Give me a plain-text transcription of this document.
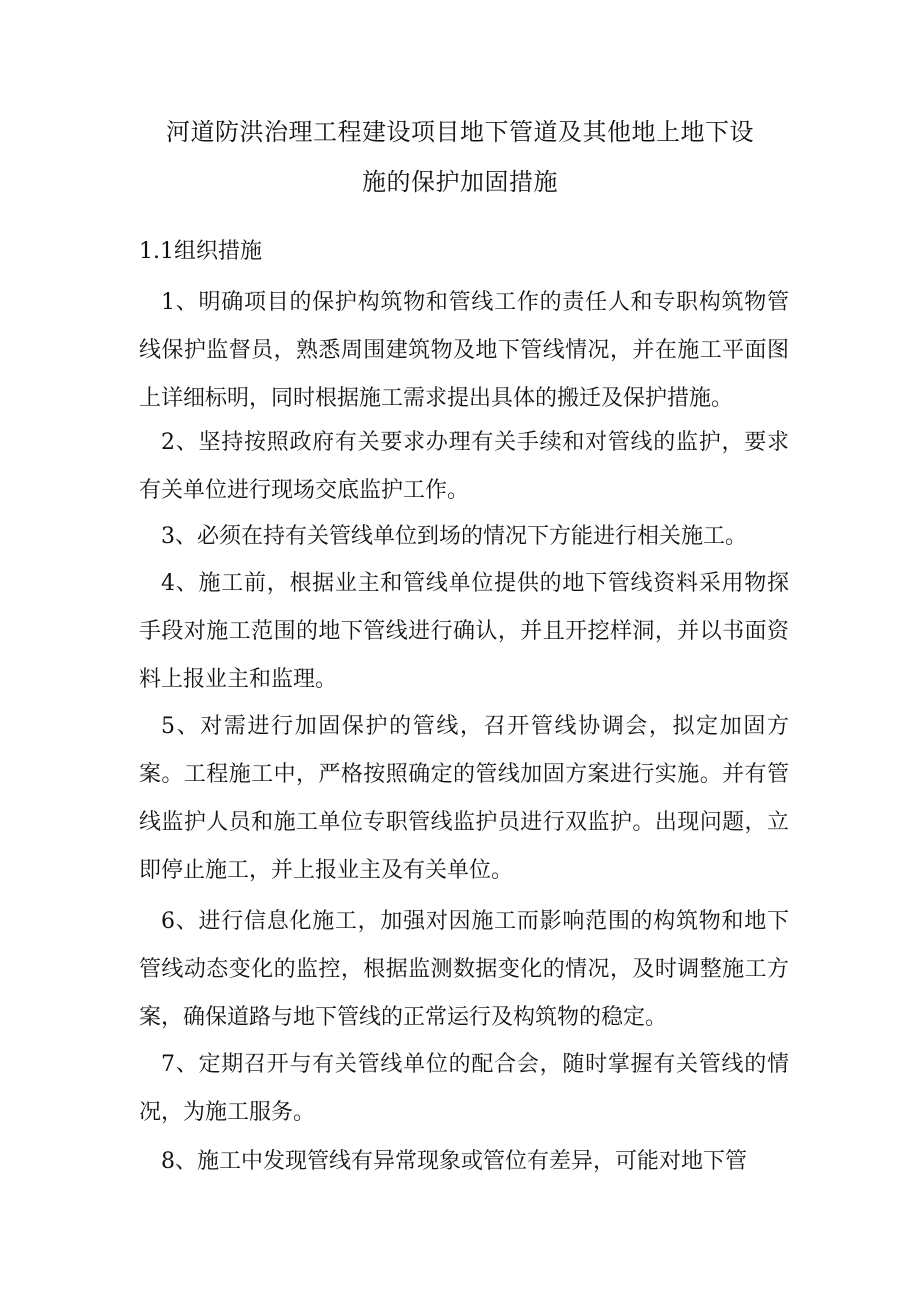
河道防洪治理工程建设项目地下管道及其他地上地下设
施的保护加固措施
1.1组织措施

1、明确项目的保护构筑物和管线工作的责任人和专职构筑物管线保护监督员，熟悉周围建筑物及地下管线情况，并在施工平面图上详细标明，同时根据施工需求提出具体的搬迁及保护措施。

2、坚持按照政府有关要求办理有关手续和对管线的监护，要求有关单位进行现场交底监护工作。

3、必须在持有关管线单位到场的情况下方能进行相关施工。

4、施工前，根据业主和管线单位提供的地下管线资料采用物探手段对施工范围的地下管线进行确认，并且开挖样洞，并以书面资料上报业主和监理。

5、对需进行加固保护的管线，召开管线协调会，拟定加固方案。工程施工中，严格按照确定的管线加固方案进行实施。并有管线监护人员和施工单位专职管线监护员进行双监护。出现问题，立即停止施工，并上报业主及有关单位。

6、进行信息化施工，加强对因施工而影响范围的构筑物和地下管线动态变化的监控，根据监测数据变化的情况，及时调整施工方案，确保道路与地下管线的正常运行及构筑物的稳定。

7、定期召开与有关管线单位的配合会，随时掌握有关管线的情况，为施工服务。

8、施工中发现管线有异常现象或管位有差异，可能对地下管
